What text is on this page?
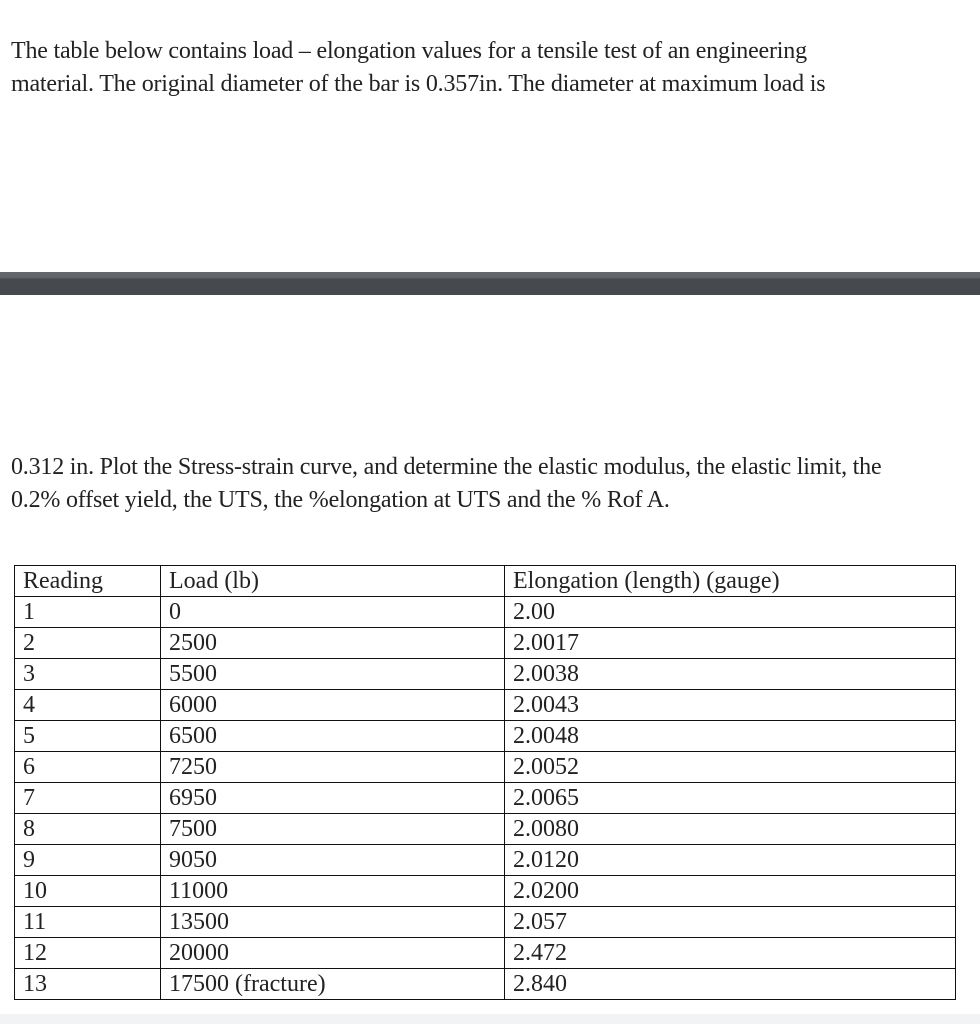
The table below contains load – elongation values for a tensile test of an engineering
material. The original diameter of the bar is 0.357in. The diameter at maximum load is
0.312 in. Plot the Stress-strain curve, and determine the elastic modulus, the elastic limit, the
0.2% offset yield, the UTS, the %elongation at UTS and the % Rof A.
Reading	Load (lb)	Elongation (length) (gauge)
1	0	2.00
2	2500	2.0017
3	5500	2.0038
4	6000	2.0043
5	6500	2.0048
6	7250	2.0052
7	6950	2.0065
8	7500	2.0080
9	9050	2.0120
10	11000	2.0200
11	13500	2.057
12	20000	2.472
13	17500 (fracture)	2.840
